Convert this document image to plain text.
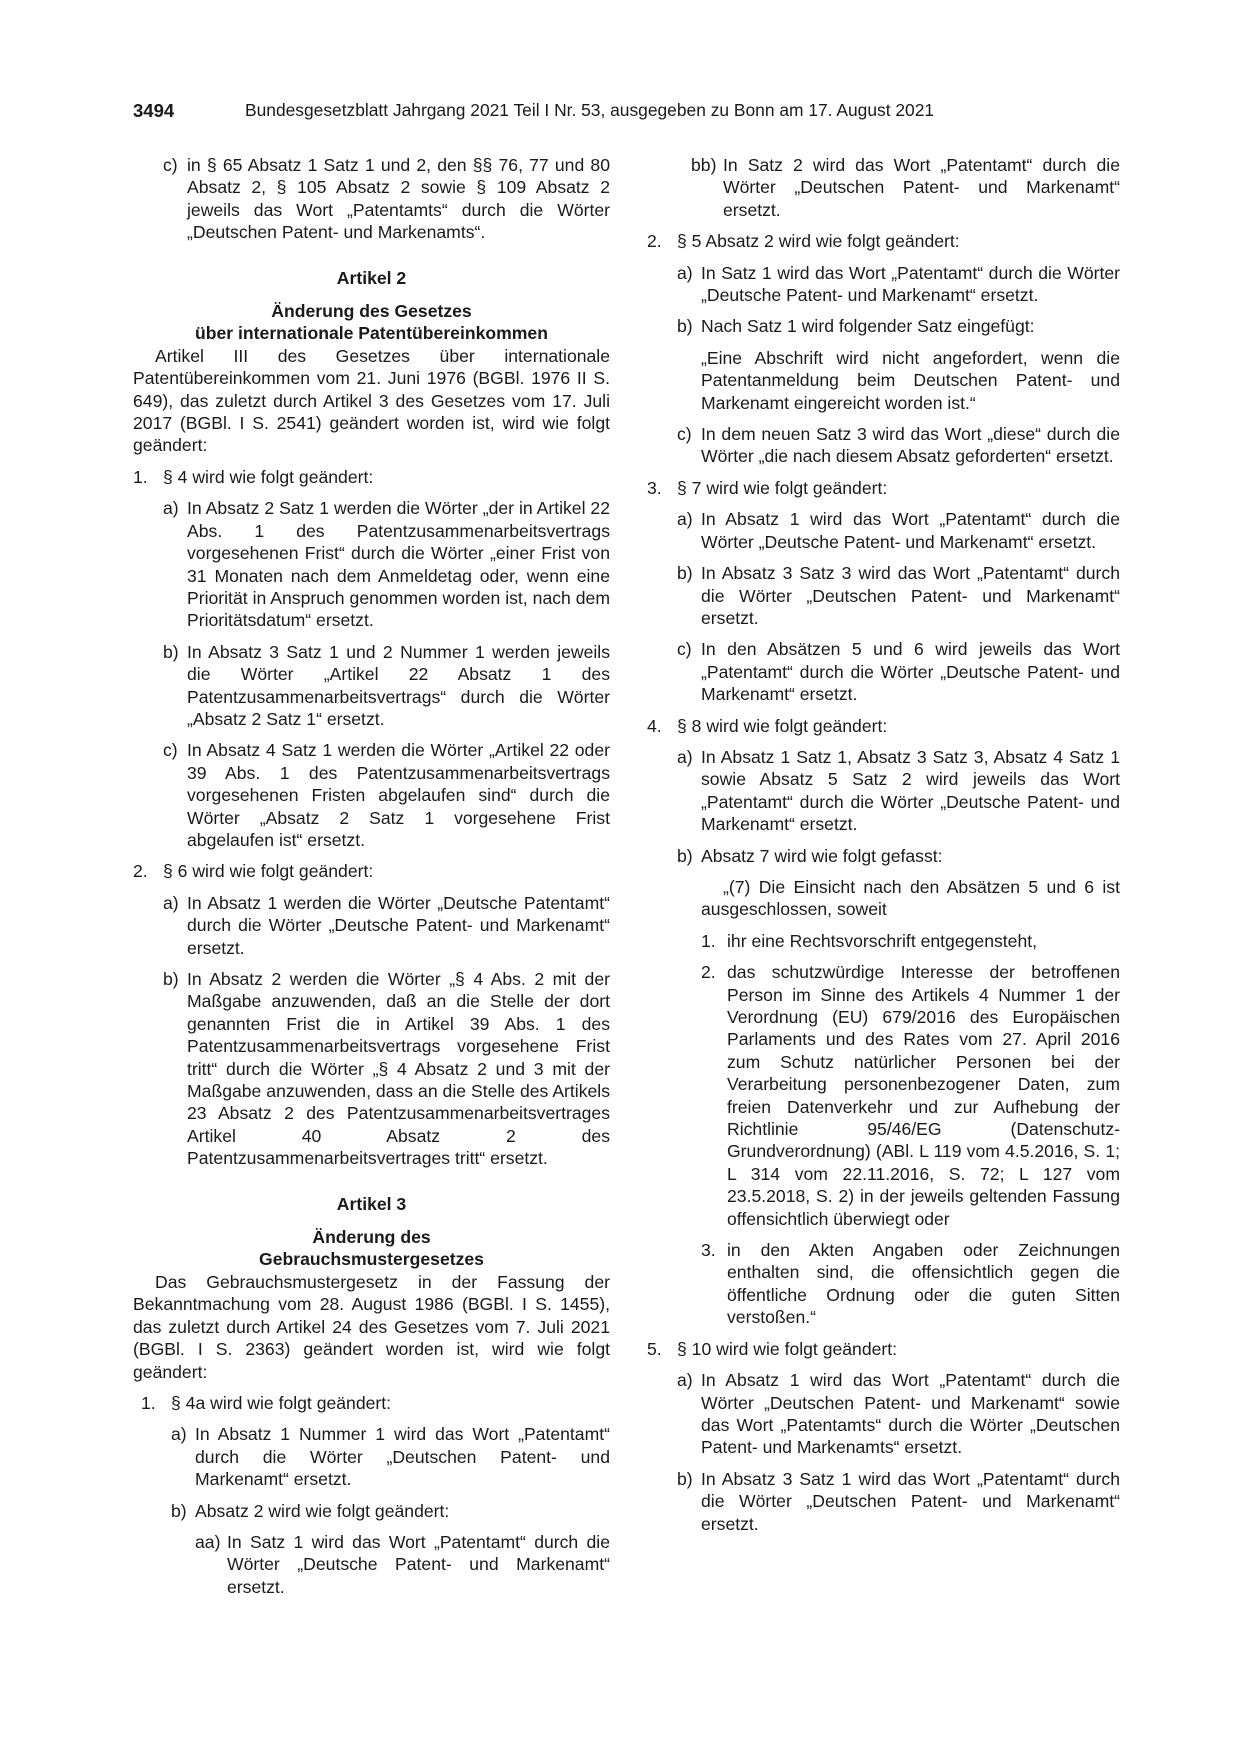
3494	Bundesgesetzblatt Jahrgang 2021 Teil I Nr. 53, ausgegeben zu Bonn am 17. August 2021
c) in § 65 Absatz 1 Satz 1 und 2, den §§ 76, 77 und 80 Absatz 2, § 105 Absatz 2 sowie § 109 Absatz 2 jeweils das Wort „Patentamts“ durch die Wörter „Deutschen Patent- und Markenamts“.
Artikel 2
Änderung des Gesetzes
über internationale Patentübereinkommen
Artikel III des Gesetzes über internationale Patentübereinkommen vom 21. Juni 1976 (BGBl. 1976 II S. 649), das zuletzt durch Artikel 3 des Gesetzes vom 17. Juli 2017 (BGBl. I S. 2541) geändert worden ist, wird wie folgt geändert:
1. § 4 wird wie folgt geändert:
a) In Absatz 2 Satz 1 werden die Wörter „der in Artikel 22 Abs. 1 des Patentzusammenarbeitsvertrags vorgesehenen Frist“ durch die Wörter „einer Frist von 31 Monaten nach dem Anmeldetag oder, wenn eine Priorität in Anspruch genommen worden ist, nach dem Prioritätsdatum“ ersetzt.
b) In Absatz 3 Satz 1 und 2 Nummer 1 werden jeweils die Wörter „Artikel 22 Absatz 1 des Patentzusammenarbeitsvertrags“ durch die Wörter „Absatz 2 Satz 1“ ersetzt.
c) In Absatz 4 Satz 1 werden die Wörter „Artikel 22 oder 39 Abs. 1 des Patentzusammenarbeitsvertrags vorgesehenen Fristen abgelaufen sind“ durch die Wörter „Absatz 2 Satz 1 vorgesehene Frist abgelaufen ist“ ersetzt.
2. § 6 wird wie folgt geändert:
a) In Absatz 1 werden die Wörter „Deutsche Patentamt“ durch die Wörter „Deutsche Patent- und Markenamt“ ersetzt.
b) In Absatz 2 werden die Wörter „§ 4 Abs. 2 mit der Maßgabe anzuwenden, daß an die Stelle der dort genannten Frist die in Artikel 39 Abs. 1 des Patentzusammenarbeitsvertrags vorgesehene Frist tritt“ durch die Wörter „§ 4 Absatz 2 und 3 mit der Maßgabe anzuwenden, dass an die Stelle des Artikels 23 Absatz 2 des Patentzusammenarbeitsvertrages Artikel 40 Absatz 2 des Patentzusammenarbeitsvertrages tritt“ ersetzt.
Artikel 3
Änderung des
Gebrauchsmustergesetzes
Das Gebrauchsmustergesetz in der Fassung der Bekanntmachung vom 28. August 1986 (BGBl. I S. 1455), das zuletzt durch Artikel 24 des Gesetzes vom 7. Juli 2021 (BGBl. I S. 2363) geändert worden ist, wird wie folgt geändert:
1. § 4a wird wie folgt geändert:
a) In Absatz 1 Nummer 1 wird das Wort „Patentamt“ durch die Wörter „Deutschen Patent- und Markenamt“ ersetzt.
b) Absatz 2 wird wie folgt geändert:
aa) In Satz 1 wird das Wort „Patentamt“ durch die Wörter „Deutsche Patent- und Markenamt“ ersetzt.
bb) In Satz 2 wird das Wort „Patentamt“ durch die Wörter „Deutschen Patent- und Markenamt“ ersetzt.
2. § 5 Absatz 2 wird wie folgt geändert:
a) In Satz 1 wird das Wort „Patentamt“ durch die Wörter „Deutsche Patent- und Markenamt“ ersetzt.
b) Nach Satz 1 wird folgender Satz eingefügt:
„Eine Abschrift wird nicht angefordert, wenn die Patentanmeldung beim Deutschen Patent- und Markenamt eingereicht worden ist.“
c) In dem neuen Satz 3 wird das Wort „diese“ durch die Wörter „die nach diesem Absatz geforderten“ ersetzt.
3. § 7 wird wie folgt geändert:
a) In Absatz 1 wird das Wort „Patentamt“ durch die Wörter „Deutsche Patent- und Markenamt“ ersetzt.
b) In Absatz 3 Satz 3 wird das Wort „Patentamt“ durch die Wörter „Deutschen Patent- und Markenamt“ ersetzt.
c) In den Absätzen 5 und 6 wird jeweils das Wort „Patentamt“ durch die Wörter „Deutsche Patent- und Markenamt“ ersetzt.
4. § 8 wird wie folgt geändert:
a) In Absatz 1 Satz 1, Absatz 3 Satz 3, Absatz 4 Satz 1 sowie Absatz 5 Satz 2 wird jeweils das Wort „Patentamt“ durch die Wörter „Deutsche Patent- und Markenamt“ ersetzt.
b) Absatz 7 wird wie folgt gefasst:
„(7) Die Einsicht nach den Absätzen 5 und 6 ist ausgeschlossen, soweit
1. ihr eine Rechtsvorschrift entgegensteht,
2. das schutzwürdige Interesse der betroffenen Person im Sinne des Artikels 4 Nummer 1 der Verordnung (EU) 679/2016 des Europäischen Parlaments und des Rates vom 27. April 2016 zum Schutz natürlicher Personen bei der Verarbeitung personenbezogener Daten, zum freien Datenverkehr und zur Aufhebung der Richtlinie 95/46/EG (Datenschutz-Grundverordnung) (ABl. L 119 vom 4.5.2016, S. 1; L 314 vom 22.11.2016, S. 72; L 127 vom 23.5.2018, S. 2) in der jeweils geltenden Fassung offensichtlich überwiegt oder
3. in den Akten Angaben oder Zeichnungen enthalten sind, die offensichtlich gegen die öffentliche Ordnung oder die guten Sitten verstoßen.“
5. § 10 wird wie folgt geändert:
a) In Absatz 1 wird das Wort „Patentamt“ durch die Wörter „Deutschen Patent- und Markenamt“ sowie das Wort „Patentamts“ durch die Wörter „Deutschen Patent- und Markenamts“ ersetzt.
b) In Absatz 3 Satz 1 wird das Wort „Patentamt“ durch die Wörter „Deutschen Patent- und Markenamt“ ersetzt.
